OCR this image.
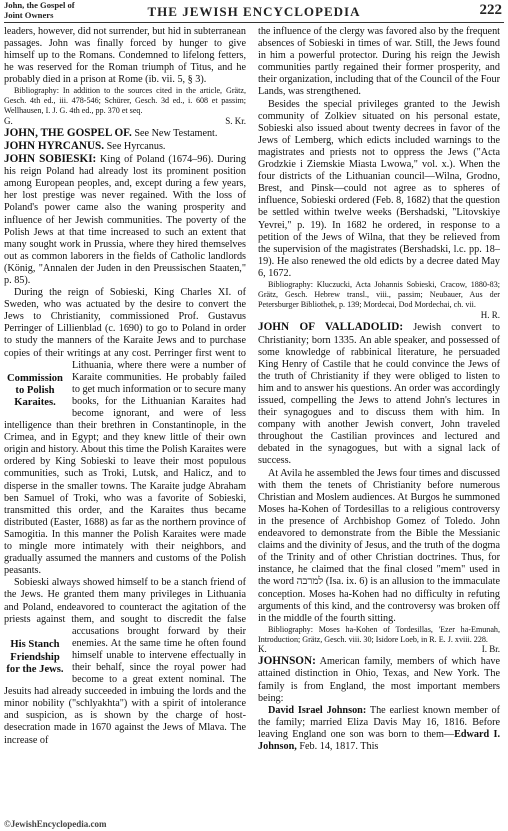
John, the Gospel of
Joint Owners	THE JEWISH ENCYCLOPEDIA	222

leaders, however, did not surrender, but hid in subterranean passages. John was finally forced by hunger to give himself up to the Romans. Condemned to lifelong fetters, he was reserved for the Roman triumph of Titus, and he probably died in a prison at Rome (ib. vii. 5, § 3).

Bibliography: In addition to the sources cited in the article, Grätz, Gesch. 4th ed., iii. 478-546; Schürer, Gesch. 3d ed., i. 608 et passim; Wellhausen, I. J. G. 4th ed., pp. 370 et seq.

G.	S. Kr.

JOHN, THE GOSPEL OF. See New Testament.

JOHN HYRCANUS. See Hyrcanus.

JOHN SOBIESKI: King of Poland (1674–96). During his reign Poland had already lost its prominent position among European peoples, and, except during a few years, her lost prestige was never regained. With the loss of Poland's power came also the waning prosperity and influence of her Jewish communities. The poverty of the Polish Jews at that time increased to such an extent that many sought work in Prussia, where they hired themselves out as common laborers in the fields of Catholic landlords (König, "Annalen der Juden in den Preussischen Staaten," p. 85).

Commission to Polish Karaites.

During the reign of Sobieski, King Charles XI. of Sweden, who was actuated by the desire to convert the Jews to Christianity, commissioned Prof. Gustavus Perringer of Lillienblad (c. 1690) to go to Poland in order to study the manners of the Karaite Jews and to purchase copies of their writings at any cost. Perringer first went to Lithuania, where there were a number of Karaite communities. He probably failed to get much information or to secure many books, for the Lithuanian Karaites had become ignorant, and were of less intelligence than their brethren in Constantinople, in the Crimea, and in Egypt; and they knew little of their own origin and history. About this time the Polish Karaites were ordered by King Sobieski to leave their most populous communities, such as Troki, Lutsk, and Halicz, and to disperse in the smaller towns. The Karaite judge Abraham ben Samuel of Troki, who was a favorite of Sobieski, transmitted this order, and the Karaites thus became distributed (Easter, 1688) as far as the northern province of Samogitia. In this manner the Polish Karaites were made to mingle more intimately with their neighbors, and gradually assumed the manners and customs of the Polish peasants.

His Stanch Friendship for the Jews.

Sobieski always showed himself to be a stanch friend of the Jews. He granted them many privileges in Lithuania and Poland, endeavored to counteract the agitation of the priests against them, and sought to discredit the false accusations brought forward by their enemies. At the same time he often found himself unable to intervene effectually in their behalf, since the royal power had become to a great extent nominal. The Jesuits had already succeeded in imbuing the lords and the minor nobility ("schlyakhta") with a spirit of intolerance and suspicion, as is shown by the charge of host-desecration made in 1670 against the Jews of Mlava. The increase of

the influence of the clergy was favored also by the frequent absences of Sobieski in times of war. Still, the Jews found in him a powerful protector. During his reign the Jewish communities partly regained their former prosperity, and their organization, including that of the Council of the Four Lands, was strengthened.

Besides the special privileges granted to the Jewish community of Zolkiev situated on his personal estate, Sobieski also issued about twenty decrees in favor of the Jews of Lemberg, which edicts included warnings to the magistrates and priests not to oppress the Jews ("Acta Grodzkie i Ziemskie Miasta Lwowa," vol. x.). When the four districts of the Lithuanian council—Wilna, Grodno, Brest, and Pinsk—could not agree as to spheres of influence, Sobieski ordered (Feb. 8, 1682) that the question be settled within twelve weeks (Bershadski, "Litovskiye Yevrei," p. 19). In 1682 he ordered, in response to a petition of the Jews of Wilna, that they be relieved from the supervision of the magistrates (Bershadski, l.c. pp. 18–19). He also renewed the old edicts by a decree dated May 6, 1672.

Bibliography: Kluczucki, Acta Johannis Sobieski, Cracow, 1880-83; Grätz, Gesch. Hebrew transl., viii., passim; Neubauer, Aus der Petersburger Bibliothek, p. 139; Mordecai, Dod Mordechai, ch. vii.

H. R.

JOHN OF VALLADOLID: Jewish convert to Christianity; born 1335. An able speaker, and possessed of some knowledge of rabbinical literature, he persuaded King Henry of Castile that he could convince the Jews of the truth of Christianity if they were obliged to listen to him and to answer his questions. An order was accordingly issued, compelling the Jews to attend John's lectures in their synagogues and to discuss them with him. In company with another Jewish convert, John traveled throughout the Castilian provinces and lectured and debated in the synagogues, but with a signal lack of success.

At Avila he assembled the Jews four times and discussed with them the tenets of Christianity before numerous Christian and Moslem audiences. At Burgos he summoned Moses ha-Kohen of Tordesillas to a religious controversy in the presence of Archbishop Gomez of Toledo. John endeavored to demonstrate from the Bible the Messianic claims and the divinity of Jesus, and the truth of the dogma of the Trinity and of other Christian doctrines. Thus, for instance, he claimed that the final closed "mem" used in the word למרבה (Isa. ix. 6) is an allusion to the immaculate conception. Moses ha-Kohen had no difficulty in refuting arguments of this kind, and the controversy was broken off in the middle of the fourth sitting.

Bibliography: Moses ha-Kohen of Tordesillas, 'Ezer ha-Emunah, Introduction; Grätz, Gesch. viii. 30; Isidore Loeb, in R. E. J. xviii. 228.

K.	I. Br.

JOHNSON: American family, members of which have attained distinction in Ohio, Texas, and New York. The family is from England, the most important members being:

David Israel Johnson: The earliest known member of the family; married Eliza Davis May 16, 1816. Before leaving England one son was born to them—Edward I. Johnson, Feb. 14, 1817. This

©JewishEncyclopedia.com
